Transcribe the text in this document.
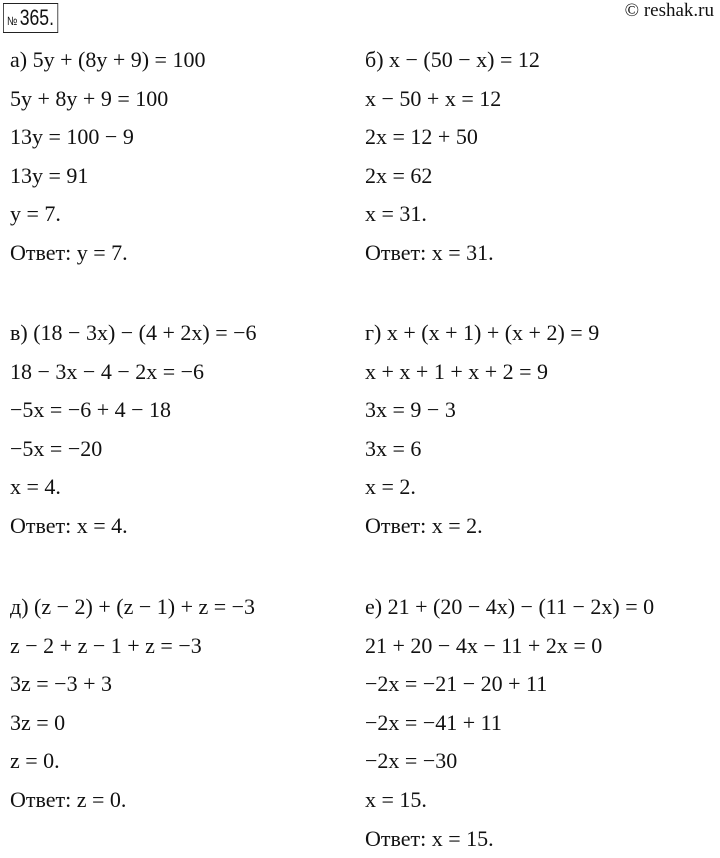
№ 365.	© reshak.ru
а) 5y + (8y + 9) = 100
5y + 8y + 9 = 100
13y = 100 − 9
13y = 91
y = 7.
Ответ: y = 7.
б) x − (50 − x) = 12
x − 50 + x = 12
2x = 12 + 50
2x = 62
x = 31.
Ответ: x = 31.
в) (18 − 3x) − (4 + 2x) = −6
18 − 3x − 4 − 2x = −6
−5x = −6 + 4 − 18
−5x = −20
x = 4.
Ответ: x = 4.
г) x + (x + 1) + (x + 2) = 9
x + x + 1 + x + 2 = 9
3x = 9 − 3
3x = 6
x = 2.
Ответ: x = 2.
д) (z − 2) + (z − 1) + z = −3
z − 2 + z − 1 + z = −3
3z = −3 + 3
3z = 0
z = 0.
Ответ: z = 0.
е) 21 + (20 − 4x) − (11 − 2x) = 0
21 + 20 − 4x − 11 + 2x = 0
−2x = −21 − 20 + 11
−2x = −41 + 11
−2x = −30
x = 15.
Ответ: x = 15.
